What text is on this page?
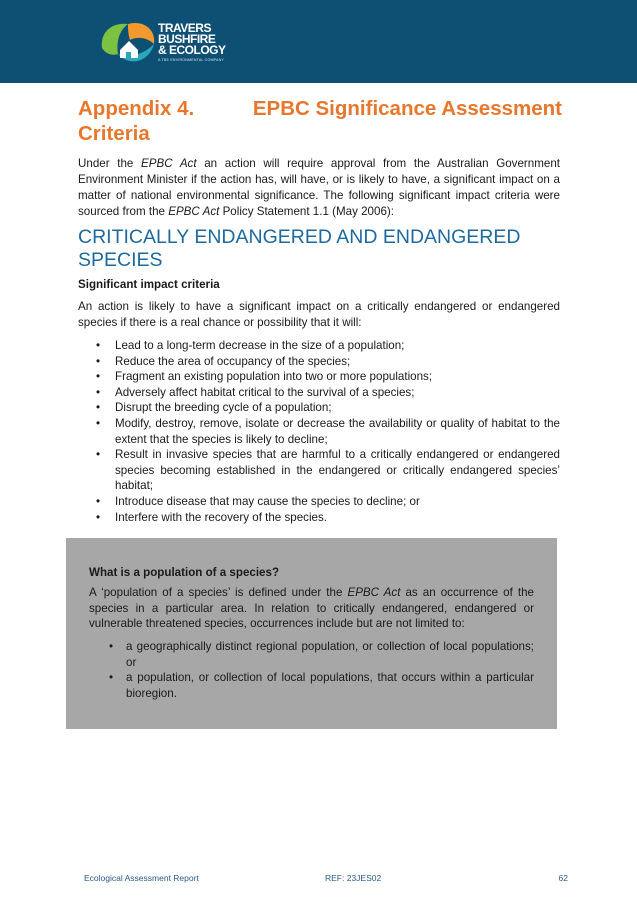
TRAVERS
BUSHFIRE
& ECOLOGY
A TBE ENVIRONMENTAL COMPANY
Appendix 4.	EPBC Significance Assessment
Criteria

Under the EPBC Act an action will require approval from the Australian Government Environment Minister if the action has, will have, or is likely to have, a significant impact on a matter of national environmental significance. The following significant impact criteria were sourced from the EPBC Act Policy Statement 1.1 (May 2006):

CRITICALLY ENDANGERED AND ENDANGERED SPECIES
Significant impact criteria

An action is likely to have a significant impact on a critically endangered or endangered species if there is a real chance or possibility that it will:

•	Lead to a long-term decrease in the size of a population;
•	Reduce the area of occupancy of the species;
•	Fragment an existing population into two or more populations;
•	Adversely affect habitat critical to the survival of a species;
•	Disrupt the breeding cycle of a population;
•	Modify, destroy, remove, isolate or decrease the availability or quality of habitat to the extent that the species is likely to decline;
•	Result in invasive species that are harmful to a critically endangered or endangered species becoming established in the endangered or critically endangered species’ habitat;
•	Introduce disease that may cause the species to decline; or
•	Interfere with the recovery of the species.
What is a population of a species?

A ‘population of a species’ is defined under the EPBC Act as an occurrence of the species in a particular area. In relation to critically endangered, endangered or vulnerable threatened species, occurrences include but are not limited to:

•	a geographically distinct regional population, or collection of local populations; or
•	a population, or collection of local populations, that occurs within a particular bioregion.
Ecological Assessment Report	REF: 23JES02	62
